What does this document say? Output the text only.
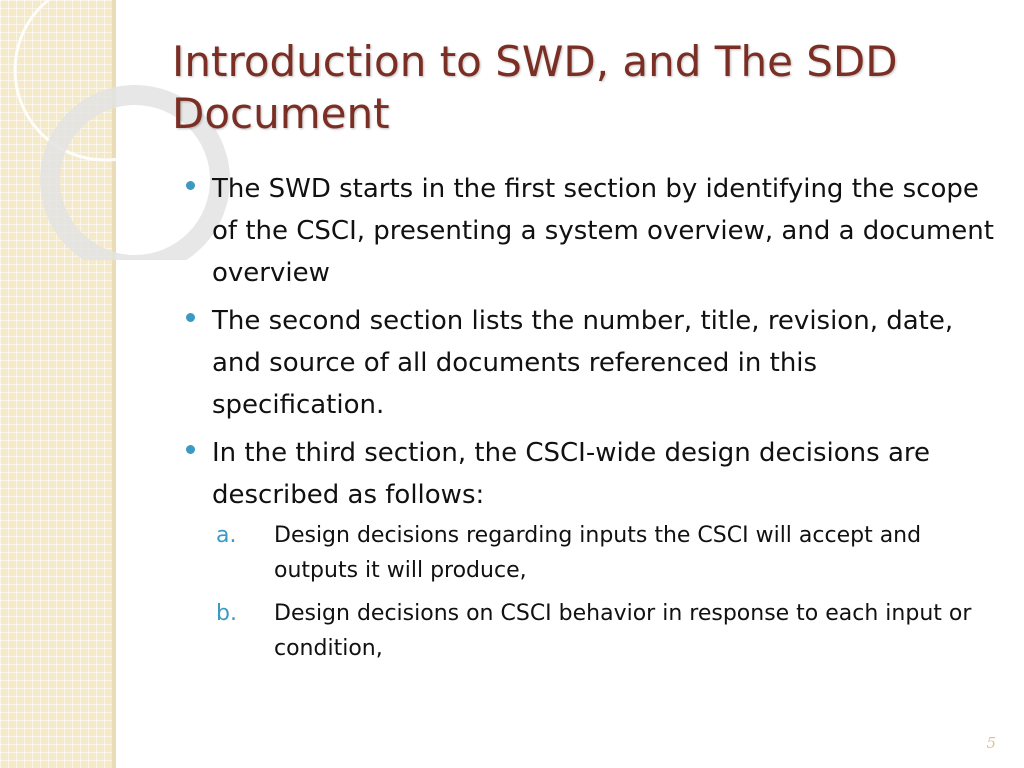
Introduction to SWD, and The SDD Document
The SWD starts in the first section by identifying the scope of the CSCI, presenting a system overview, and a document overview
The second section lists the number, title, revision, date, and source of all documents referenced in this specification.
In the third section, the CSCI-wide design decisions are described as follows:
a. Design decisions regarding inputs the CSCI will accept and outputs it will produce,
b. Design decisions on CSCI behavior in response to each input or condition,
5
